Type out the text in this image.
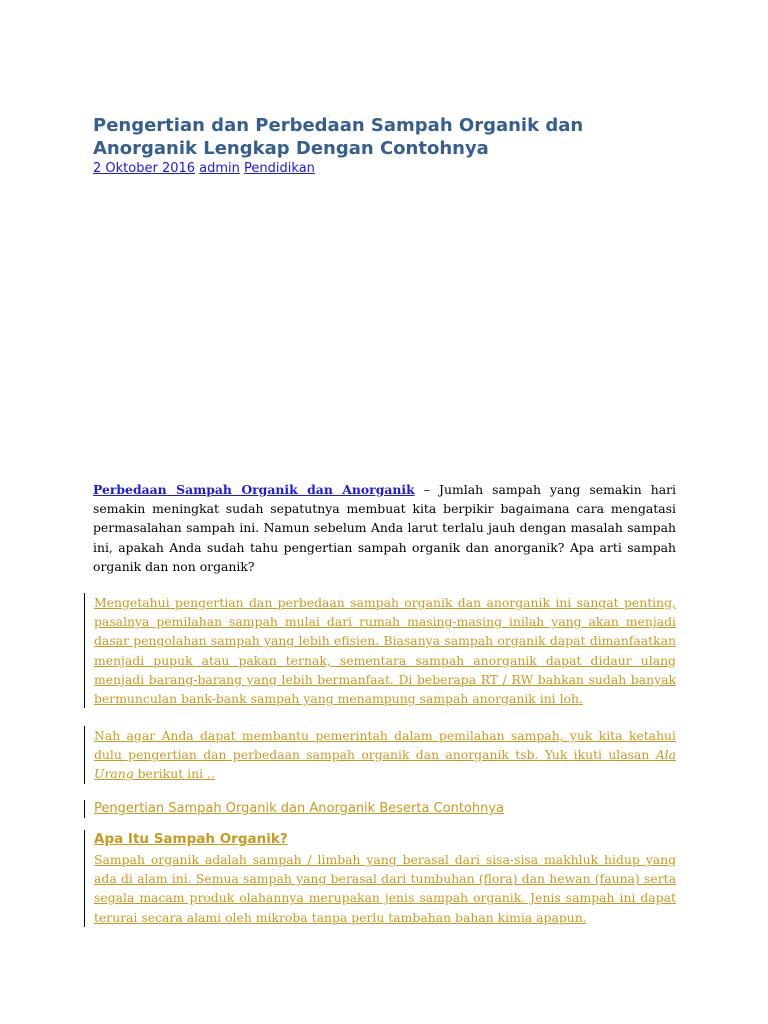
Pengertian dan Perbedaan Sampah Organik dan Anorganik Lengkap Dengan Contohnya
2 Oktober 2016 admin Pendidikan

Perbedaan Sampah Organik dan Anorganik – Jumlah sampah yang semakin hari semakin meningkat sudah sepatutnya membuat kita berpikir bagaimana cara mengatasi permasalahan sampah ini. Namun sebelum Anda larut terlalu jauh dengan masalah sampah ini, apakah Anda sudah tahu pengertian sampah organik dan anorganik? Apa arti sampah organik dan non organik?

Mengetahui pengertian dan perbedaan sampah organik dan anorganik ini sangat penting, pasalnya pemilahan sampah mulai dari rumah masing-masing inilah yang akan menjadi dasar pengolahan sampah yang lebih efisien. Biasanya sampah organik dapat dimanfaatkan menjadi pupuk atau pakan ternak, sementara sampah anorganik dapat didaur ulang menjadi barang-barang yang lebih bermanfaat. Di beberapa RT / RW bahkan sudah banyak bermunculan bank-bank sampah yang menampung sampah anorganik ini loh.

Nah agar Anda dapat membantu pemerintah dalam pemilahan sampah, yuk kita ketahui dulu pengertian dan perbedaan sampah organik dan anorganik tsb. Yuk ikuti ulasan Ala Urang berikut ini ..

Pengertian Sampah Organik dan Anorganik Beserta Contohnya

Apa Itu Sampah Organik?

Sampah organik adalah sampah / limbah yang berasal dari sisa-sisa makhluk hidup yang ada di alam ini. Semua sampah yang berasal dari tumbuhan (flora) dan hewan (fauna) serta segala macam produk olahannya merupakan jenis sampah organik. Jenis sampah ini dapat terurai secara alami oleh mikroba tanpa perlu tambahan bahan kimia apapun.
